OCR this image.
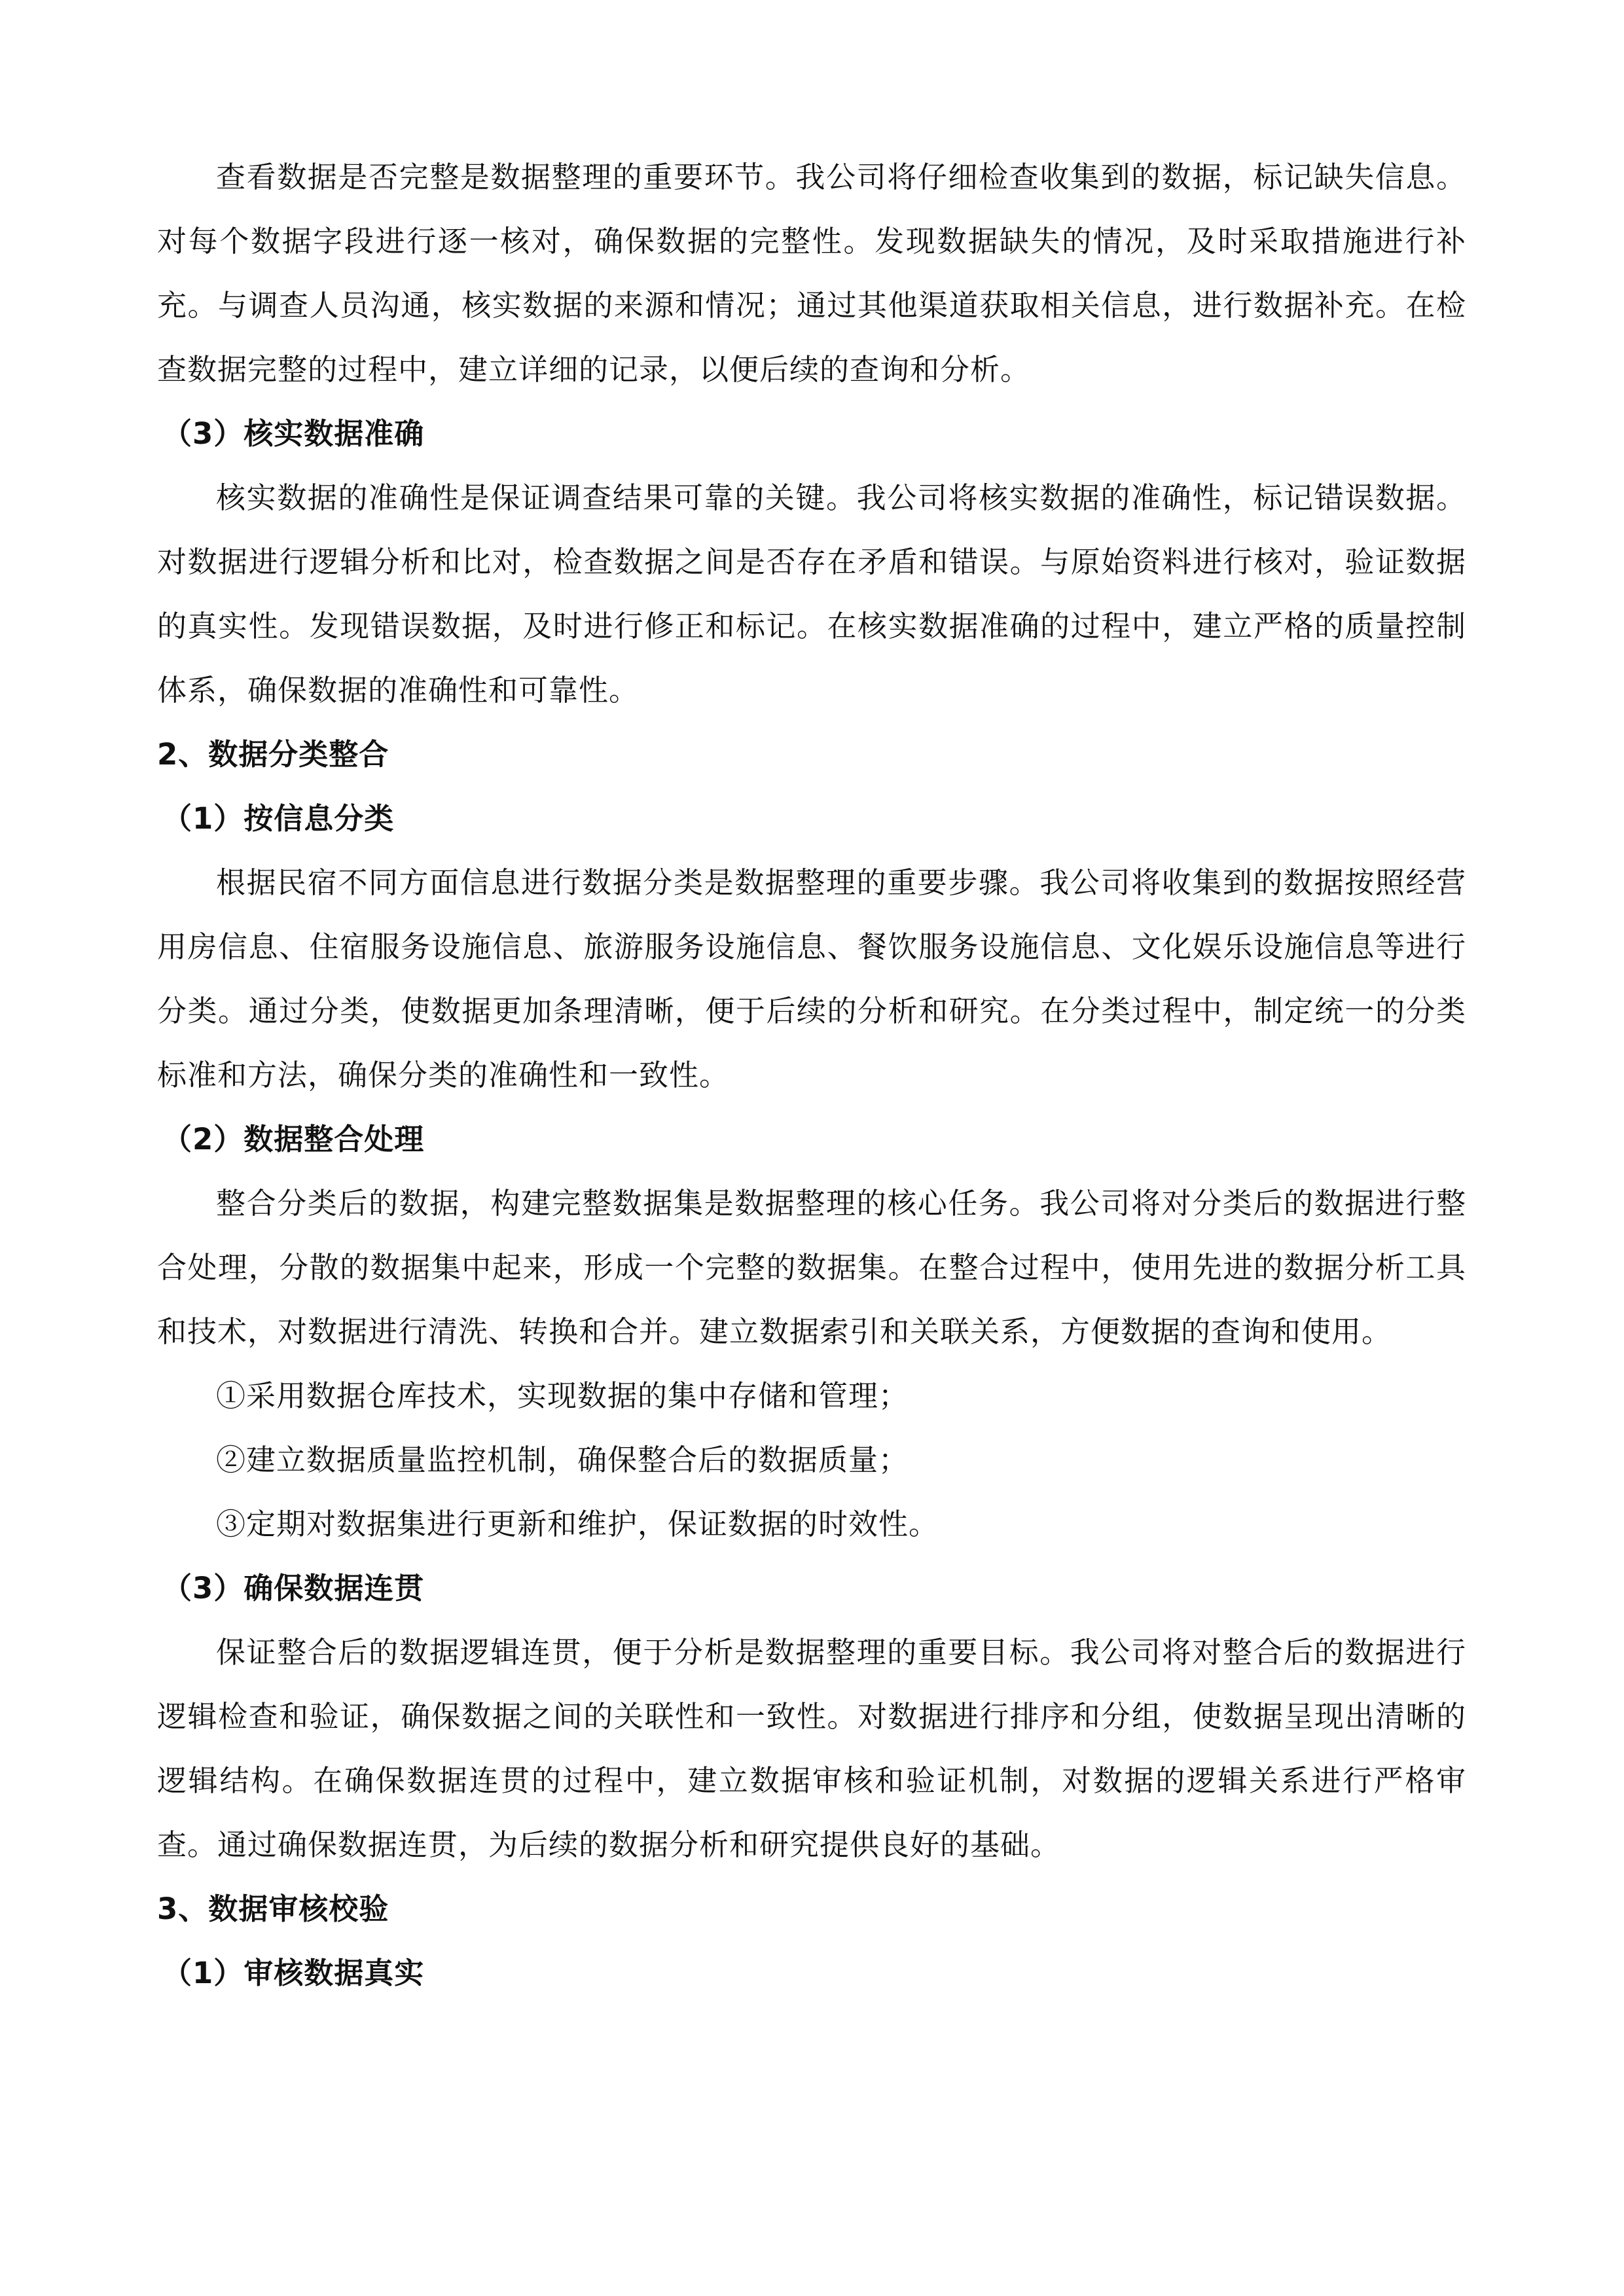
查看数据是否完整是数据整理的重要环节。我公司将仔细检查收集到的数据，标记缺失信息。对每个数据字段进行逐一核对，确保数据的完整性。发现数据缺失的情况，及时采取措施进行补充。与调查人员沟通，核实数据的来源和情况；通过其他渠道获取相关信息，进行数据补充。在检查数据完整的过程中，建立详细的记录，以便后续的查询和分析。

（3）核实数据准确

核实数据的准确性是保证调查结果可靠的关键。我公司将核实数据的准确性，标记错误数据。对数据进行逻辑分析和比对，检查数据之间是否存在矛盾和错误。与原始资料进行核对，验证数据的真实性。发现错误数据，及时进行修正和标记。在核实数据准确的过程中，建立严格的质量控制体系，确保数据的准确性和可靠性。

2、数据分类整合

（1）按信息分类

根据民宿不同方面信息进行数据分类是数据整理的重要步骤。我公司将收集到的数据按照经营用房信息、住宿服务设施信息、旅游服务设施信息、餐饮服务设施信息、文化娱乐设施信息等进行分类。通过分类，使数据更加条理清晰，便于后续的分析和研究。在分类过程中，制定统一的分类标准和方法，确保分类的准确性和一致性。

（2）数据整合处理

整合分类后的数据，构建完整数据集是数据整理的核心任务。我公司将对分类后的数据进行整合处理，分散的数据集中起来，形成一个完整的数据集。在整合过程中，使用先进的数据分析工具和技术，对数据进行清洗、转换和合并。建立数据索引和关联关系，方便数据的查询和使用。

①采用数据仓库技术，实现数据的集中存储和管理；

②建立数据质量监控机制，确保整合后的数据质量；

③定期对数据集进行更新和维护，保证数据的时效性。

（3）确保数据连贯

保证整合后的数据逻辑连贯，便于分析是数据整理的重要目标。我公司将对整合后的数据进行逻辑检查和验证，确保数据之间的关联性和一致性。对数据进行排序和分组，使数据呈现出清晰的逻辑结构。在确保数据连贯的过程中，建立数据审核和验证机制，对数据的逻辑关系进行严格审查。通过确保数据连贯，为后续的数据分析和研究提供良好的基础。

3、数据审核校验

（1）审核数据真实
